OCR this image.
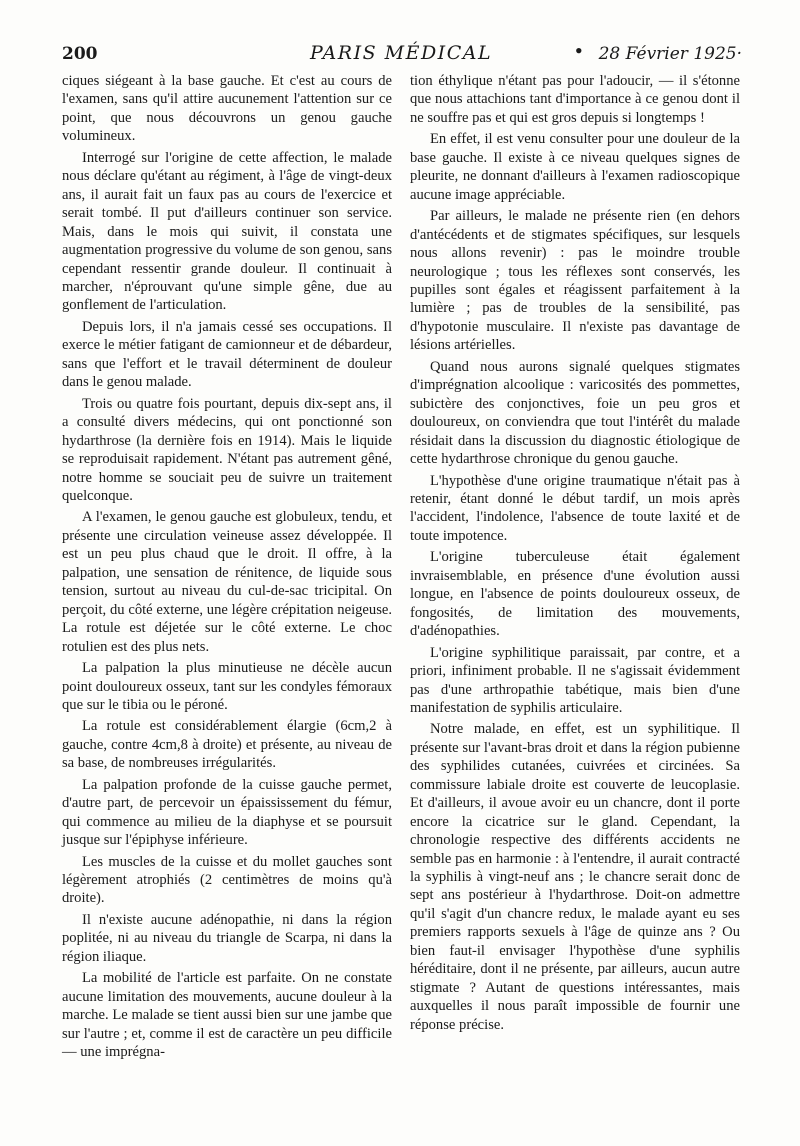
200	PARIS MÉDICAL	• 28 Février 1925·

ciques siégeant à la base gauche. Et c'est au cours de l'examen, sans qu'il attire aucunement l'attention sur ce point, que nous découvrons un genou gauche volumineux.

Interrogé sur l'origine de cette affection, le malade nous déclare qu'étant au régiment, à l'âge de vingt-deux ans, il aurait fait un faux pas au cours de l'exercice et serait tombé. Il put d'ailleurs continuer son service. Mais, dans le mois qui suivit, il constata une augmentation progressive du volume de son genou, sans cependant ressentir grande douleur. Il continuait à marcher, n'éprouvant qu'une simple gêne, due au gonflement de l'articulation.

Depuis lors, il n'a jamais cessé ses occupations. Il exerce le métier fatigant de camionneur et de débardeur, sans que l'effort et le travail déterminent de douleur dans le genou malade.

Trois ou quatre fois pourtant, depuis dix-sept ans, il a consulté divers médecins, qui ont ponctionné son hydarthrose (la dernière fois en 1914). Mais le liquide se reproduisait rapidement. N'étant pas autrement gêné, notre homme se souciait peu de suivre un traitement quelconque.

A l'examen, le genou gauche est globuleux, tendu, et présente une circulation veineuse assez développée. Il est un peu plus chaud que le droit. Il offre, à la palpation, une sensation de rénitence, de liquide sous tension, surtout au niveau du cul-de-sac tricipital. On perçoit, du côté externe, une légère crépitation neigeuse. La rotule est déjetée sur le côté externe. Le choc rotulien est des plus nets.

La palpation la plus minutieuse ne décèle aucun point douloureux osseux, tant sur les condyles fémoraux que sur le tibia ou le péroné.

La rotule est considérablement élargie (6cm,2 à gauche, contre 4cm,8 à droite) et présente, au niveau de sa base, de nombreuses irrégularités.

La palpation profonde de la cuisse gauche permet, d'autre part, de percevoir un épaississement du fémur, qui commence au milieu de la diaphyse et se poursuit jusque sur l'épiphyse inférieure.

Les muscles de la cuisse et du mollet gauches sont légèrement atrophiés (2 centimètres de moins qu'à droite).

Il n'existe aucune adénopathie, ni dans la région poplitée, ni au niveau du triangle de Scarpa, ni dans la région iliaque.

La mobilité de l'article est parfaite. On ne constate aucune limitation des mouvements, aucune douleur à la marche. Le malade se tient aussi bien sur une jambe que sur l'autre ; et, comme il est de caractère un peu difficile — une imprégna-

tion éthylique n'étant pas pour l'adoucir, — il s'étonne que nous attachions tant d'importance à ce genou dont il ne souffre pas et qui est gros depuis si longtemps !

En effet, il est venu consulter pour une douleur de la base gauche. Il existe à ce niveau quelques signes de pleurite, ne donnant d'ailleurs à l'examen radioscopique aucune image appréciable.

Par ailleurs, le malade ne présente rien (en dehors d'antécédents et de stigmates spécifiques, sur lesquels nous allons revenir) : pas le moindre trouble neurologique ; tous les réflexes sont conservés, les pupilles sont égales et réagissent parfaitement à la lumière ; pas de troubles de la sensibilité, pas d'hypotonie musculaire. Il n'existe pas davantage de lésions artérielles.

Quand nous aurons signalé quelques stigmates d'imprégnation alcoolique : varicosités des pommettes, subictère des conjonctives, foie un peu gros et douloureux, on conviendra que tout l'intérêt du malade résidait dans la discussion du diagnostic étiologique de cette hydarthrose chronique du genou gauche.

L'hypothèse d'une origine traumatique n'était pas à retenir, étant donné le début tardif, un mois après l'accident, l'indolence, l'absence de toute laxité et de toute impotence.

L'origine tuberculeuse était également invraisemblable, en présence d'une évolution aussi longue, en l'absence de points douloureux osseux, de fongosités, de limitation des mouvements, d'adénopathies.

L'origine syphilitique paraissait, par contre, et a priori, infiniment probable. Il ne s'agissait évidemment pas d'une arthropathie tabétique, mais bien d'une manifestation de syphilis articulaire.

Notre malade, en effet, est un syphilitique. Il présente sur l'avant-bras droit et dans la région pubienne des syphilides cutanées, cuivrées et circinées. Sa commissure labiale droite est couverte de leucoplasie. Et d'ailleurs, il avoue avoir eu un chancre, dont il porte encore la cicatrice sur le gland. Cependant, la chronologie respective des différents accidents ne semble pas en harmonie : à l'entendre, il aurait contracté la syphilis à vingt-neuf ans ; le chancre serait donc de sept ans postérieur à l'hydarthrose. Doit-on admettre qu'il s'agit d'un chancre redux, le malade ayant eu ses premiers rapports sexuels à l'âge de quinze ans ? Ou bien faut-il envisager l'hypothèse d'une syphilis héréditaire, dont il ne présente, par ailleurs, aucun autre stigmate ? Autant de questions intéressantes, mais auxquelles il nous paraît impossible de fournir une réponse précise.
